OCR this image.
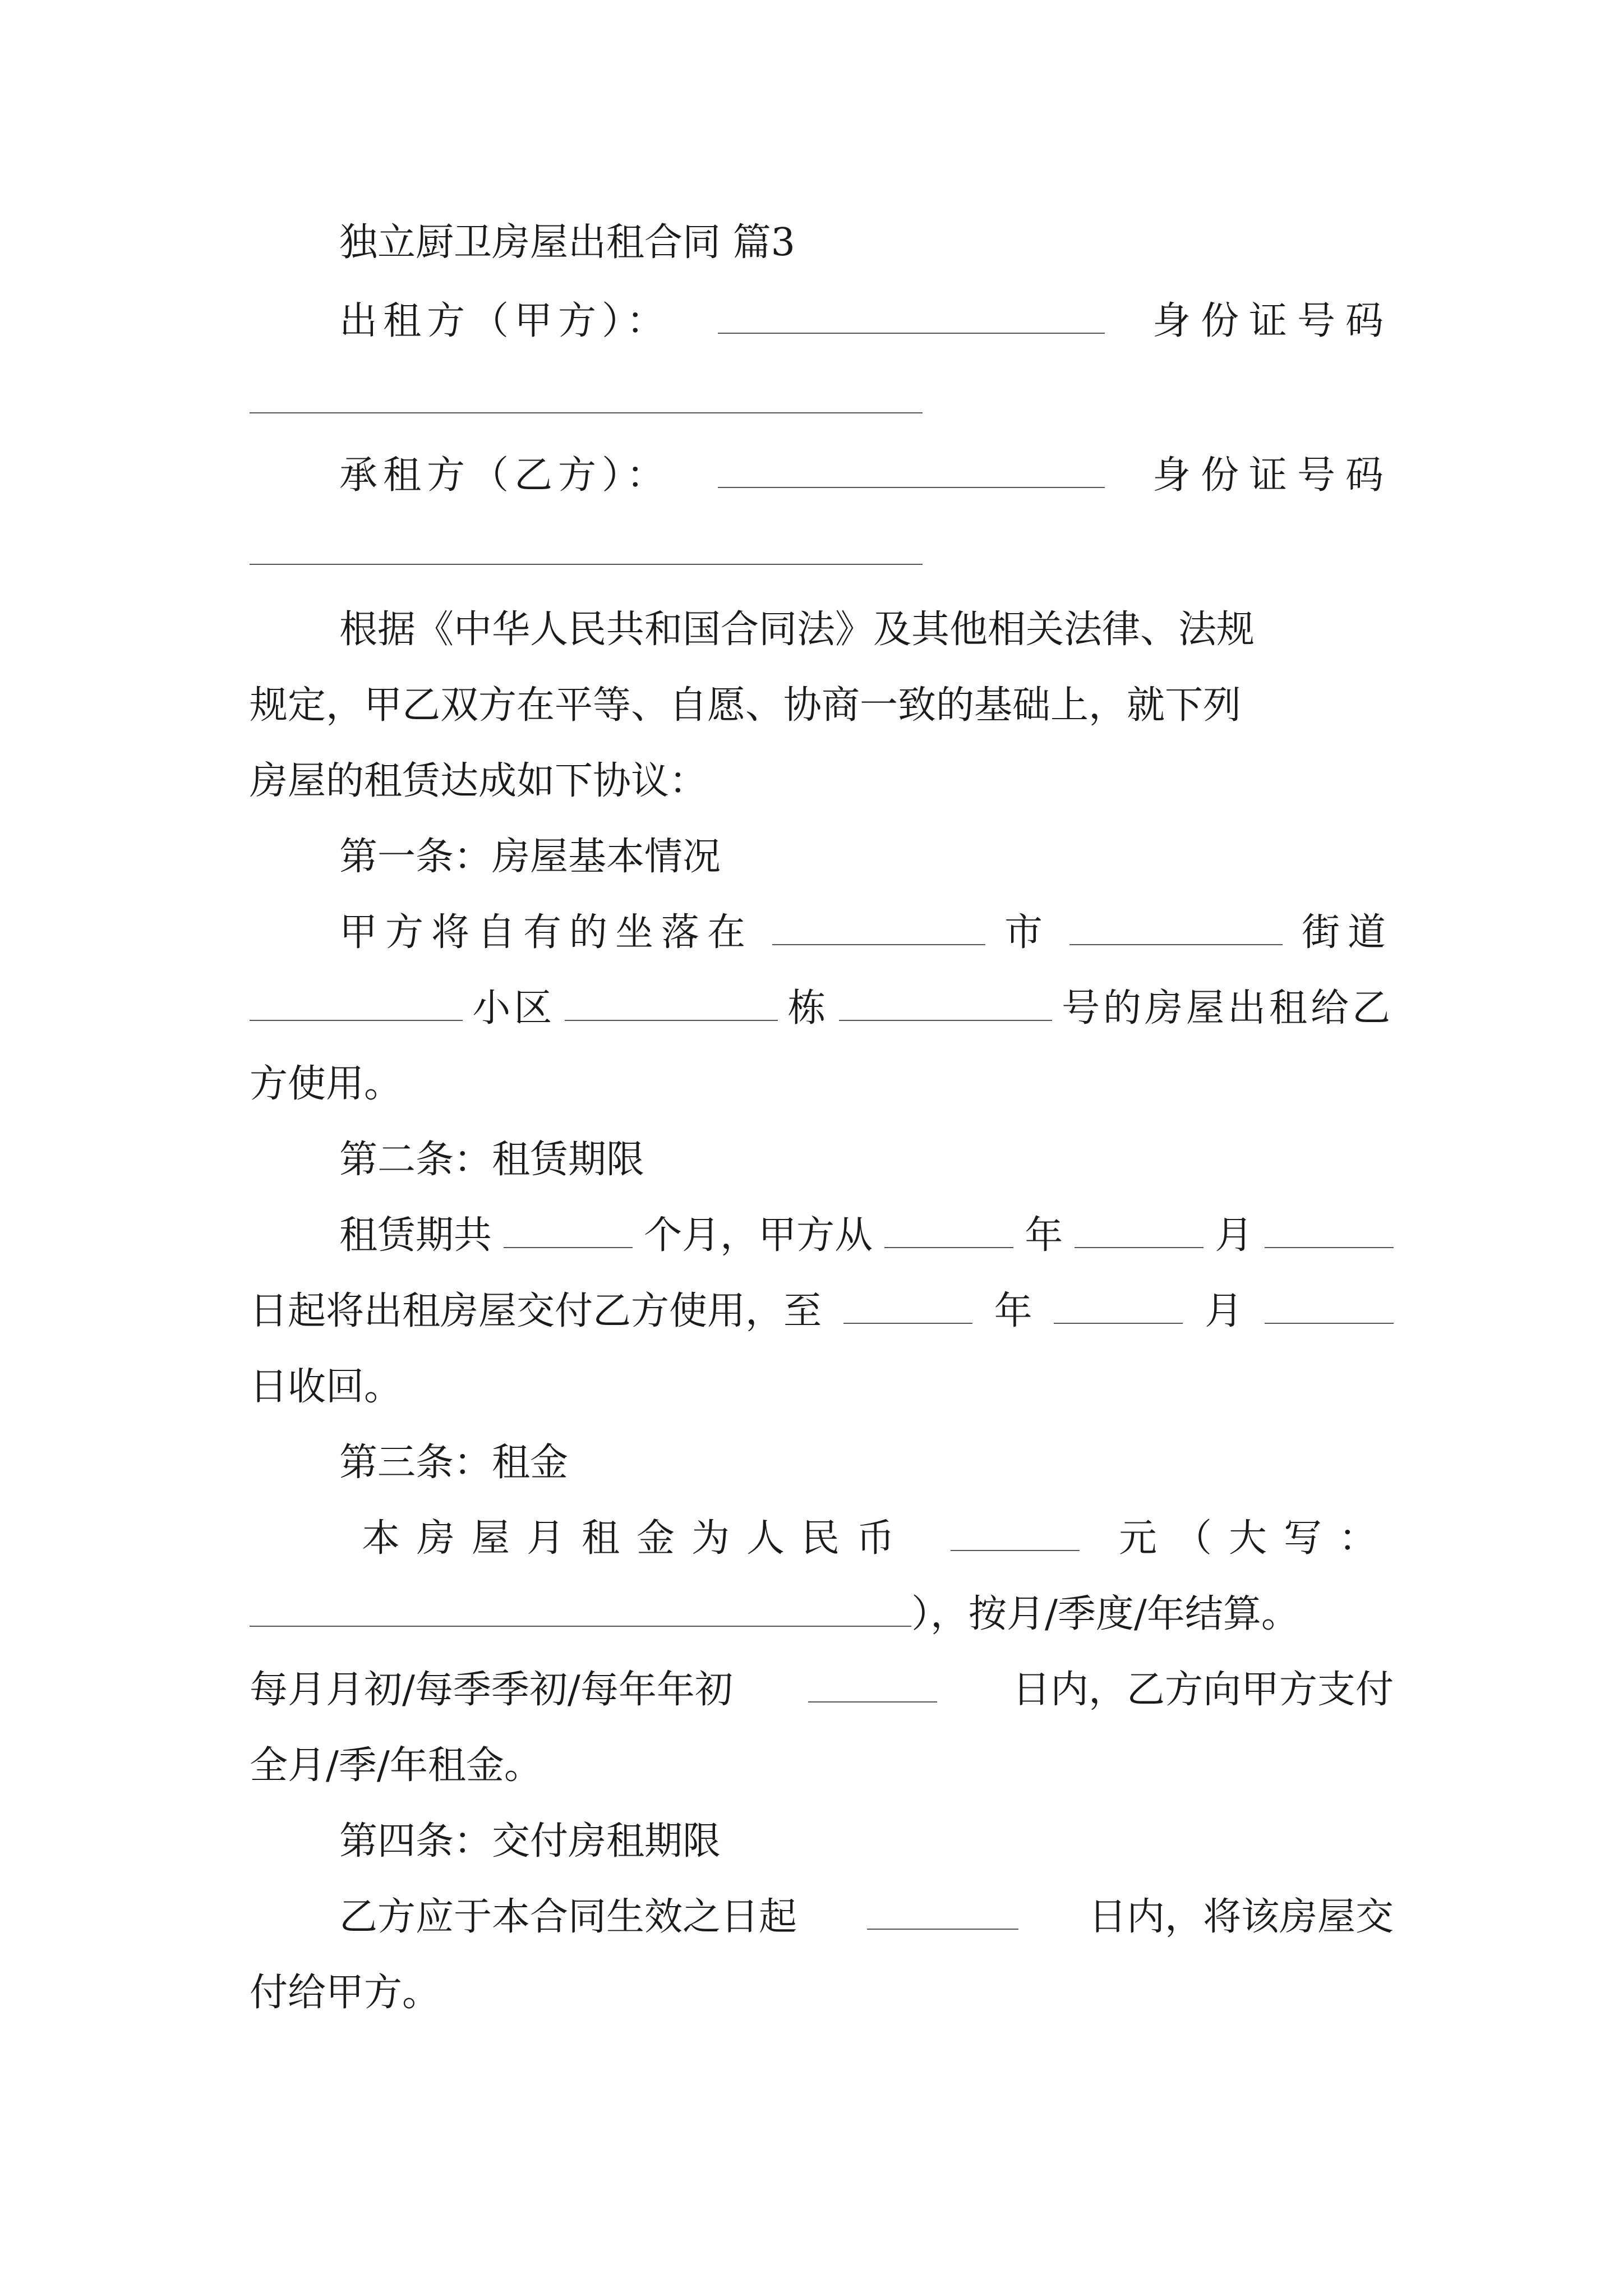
独立厨卫房屋出租合同 篇3
出租方（甲方）：	身份证号码
承租方（乙方）：	身份证号码
根据《中华人民共和国合同法》及其他相关法律、法规
规定，甲乙双方在平等、自愿、协商一致的基础上，就下列
房屋的租赁达成如下协议：
第一条：房屋基本情况
甲方将自有的坐落在	市	街道
小区	栋	号的房屋出租给乙
方使用。
第二条：租赁期限
租赁期共	个月，甲方从	年	月
日起将出租房屋交付乙方使用，至	年	月
日收回。
第三条：租金
本房屋月租金为人民币	元（大写：
），按月/季度/年结算。
每月月初/每季季初/每年年初	日内，乙方向甲方支付
全月/季/年租金。
第四条：交付房租期限
乙方应于本合同生效之日起	日内，将该房屋交
付给甲方。
